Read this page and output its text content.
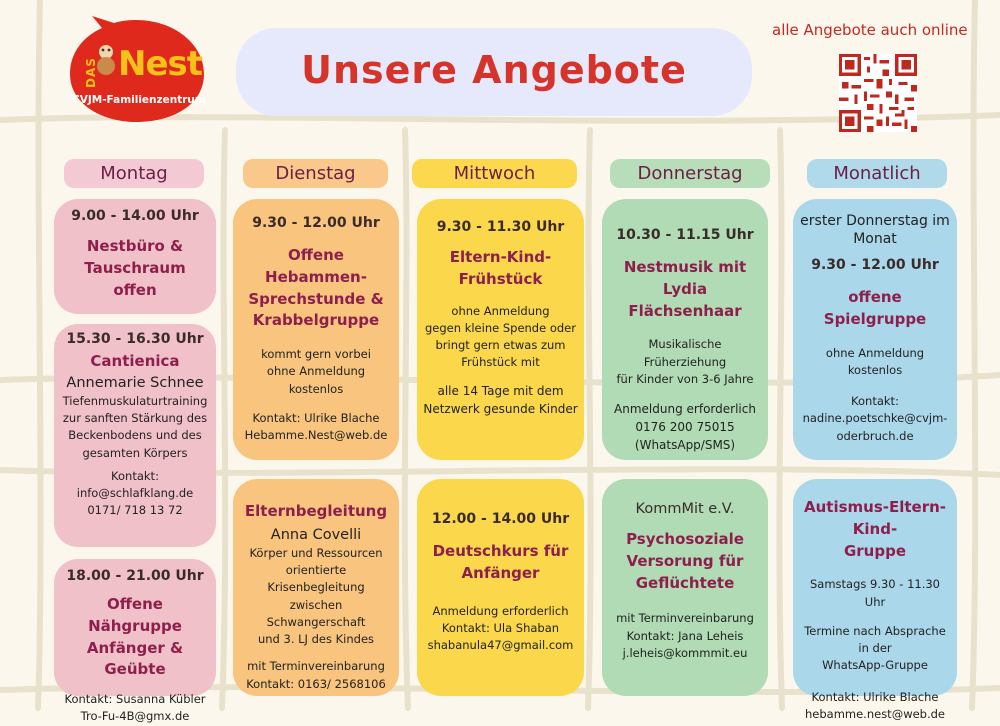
DAS Nest
CVJM-Familienzentrum
Unsere Angebote
alle Angebote auch online
Montag	Dienstag	Mittwoch	Donnerstag	Monatlich
9.00 - 14.00 Uhr
Nestbüro &
Tauschraum
offen
15.30 - 16.30 Uhr
Cantienica
Annemarie Schnee
Tiefenmuskulaturtraining
zur sanften Stärkung des
Beckenbodens und des
gesamten Körpers
Kontakt:
info@schlafklang.de
0171/ 718 13 72
18.00 - 21.00 Uhr
Offene Nähgruppe
Anfänger & Geübte
Kontakt: Susanna Kübler
Tro-Fu-4B@gmx.de
9.30 - 12.00 Uhr
Offene Hebammen-
Sprechstunde &
Krabbelgruppe
kommt gern vorbei
ohne Anmeldung
kostenlos
Kontakt: Ulrike Blache
Hebamme.Nest@web.de
Elternbegleitung
Anna Covelli
Körper und Ressourcen
orientierte Krisenbegleitung
zwischen Schwangerschaft
und 3. LJ des Kindes
mit Terminvereinbarung
Kontakt: 0163/ 2568106
9.30 - 11.30 Uhr
Eltern-Kind-
Frühstück
ohne Anmeldung
gegen kleine Spende oder
bringt gern etwas zum
Frühstück mit
alle 14 Tage mit dem
Netzwerk gesunde Kinder
12.00 - 14.00 Uhr
Deutschkurs für
Anfänger
Anmeldung erforderlich
Kontakt: Ula Shaban
shabanula47@gmail.com
10.30 - 11.15 Uhr
Nestmusik mit
Lydia Flächsenhaar
Musikalische Früherziehung
für Kinder von 3-6 Jahre
Anmeldung erforderlich
0176 200 75015
(WhatsApp/SMS)
KommMit e.V.
Psychosoziale
Versorung für
Geflüchtete
mit Terminvereinbarung
Kontakt: Jana Leheis
j.leheis@kommmit.eu
erster Donnerstag im
Monat
9.30 - 12.00 Uhr
offene Spielgruppe
ohne Anmeldung
kostenlos
Kontakt:
nadine.poetschke@cvjm-
oderbruch.de
Autismus-Eltern-Kind-
Gruppe
Samstags 9.30 - 11.30 Uhr
Termine nach Absprache in der
WhatsApp-Gruppe
Kontakt: Ulrike Blache
hebamme.nest@web.de
